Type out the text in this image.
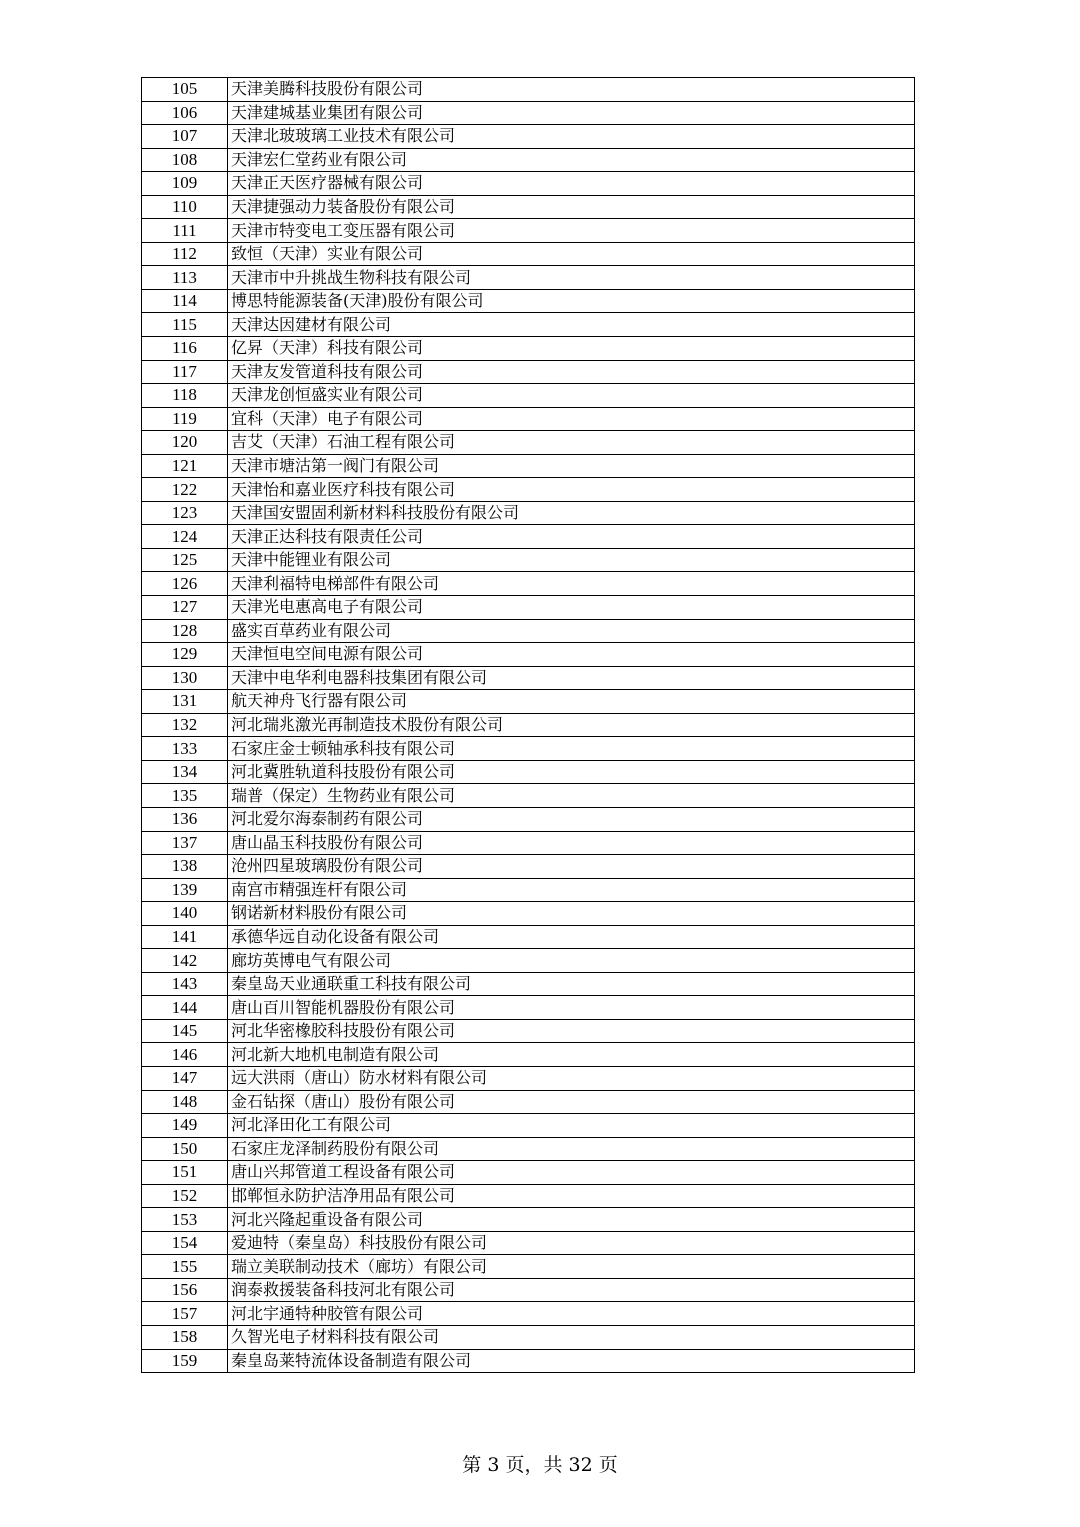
105	天津美腾科技股份有限公司
106	天津建城基业集团有限公司
107	天津北玻玻璃工业技术有限公司
108	天津宏仁堂药业有限公司
109	天津正天医疗器械有限公司
110	天津捷强动力装备股份有限公司
111	天津市特变电工变压器有限公司
112	致恒（天津）实业有限公司
113	天津市中升挑战生物科技有限公司
114	博思特能源装备(天津)股份有限公司
115	天津达因建材有限公司
116	亿昇（天津）科技有限公司
117	天津友发管道科技有限公司
118	天津龙创恒盛实业有限公司
119	宜科（天津）电子有限公司
120	吉艾（天津）石油工程有限公司
121	天津市塘沽第一阀门有限公司
122	天津怡和嘉业医疗科技有限公司
123	天津国安盟固利新材料科技股份有限公司
124	天津正达科技有限责任公司
125	天津中能锂业有限公司
126	天津利福特电梯部件有限公司
127	天津光电惠高电子有限公司
128	盛实百草药业有限公司
129	天津恒电空间电源有限公司
130	天津中电华利电器科技集团有限公司
131	航天神舟飞行器有限公司
132	河北瑞兆激光再制造技术股份有限公司
133	石家庄金士顿轴承科技有限公司
134	河北冀胜轨道科技股份有限公司
135	瑞普（保定）生物药业有限公司
136	河北爱尔海泰制药有限公司
137	唐山晶玉科技股份有限公司
138	沧州四星玻璃股份有限公司
139	南宫市精强连杆有限公司
140	钢诺新材料股份有限公司
141	承德华远自动化设备有限公司
142	廊坊英博电气有限公司
143	秦皇岛天业通联重工科技有限公司
144	唐山百川智能机器股份有限公司
145	河北华密橡胶科技股份有限公司
146	河北新大地机电制造有限公司
147	远大洪雨（唐山）防水材料有限公司
148	金石钻探（唐山）股份有限公司
149	河北泽田化工有限公司
150	石家庄龙泽制药股份有限公司
151	唐山兴邦管道工程设备有限公司
152	邯郸恒永防护洁净用品有限公司
153	河北兴隆起重设备有限公司
154	爱迪特（秦皇岛）科技股份有限公司
155	瑞立美联制动技术（廊坊）有限公司
156	润泰救援装备科技河北有限公司
157	河北宇通特种胶管有限公司
158	久智光电子材料科技有限公司
159	秦皇岛莱特流体设备制造有限公司
第 3 页，共 32 页
